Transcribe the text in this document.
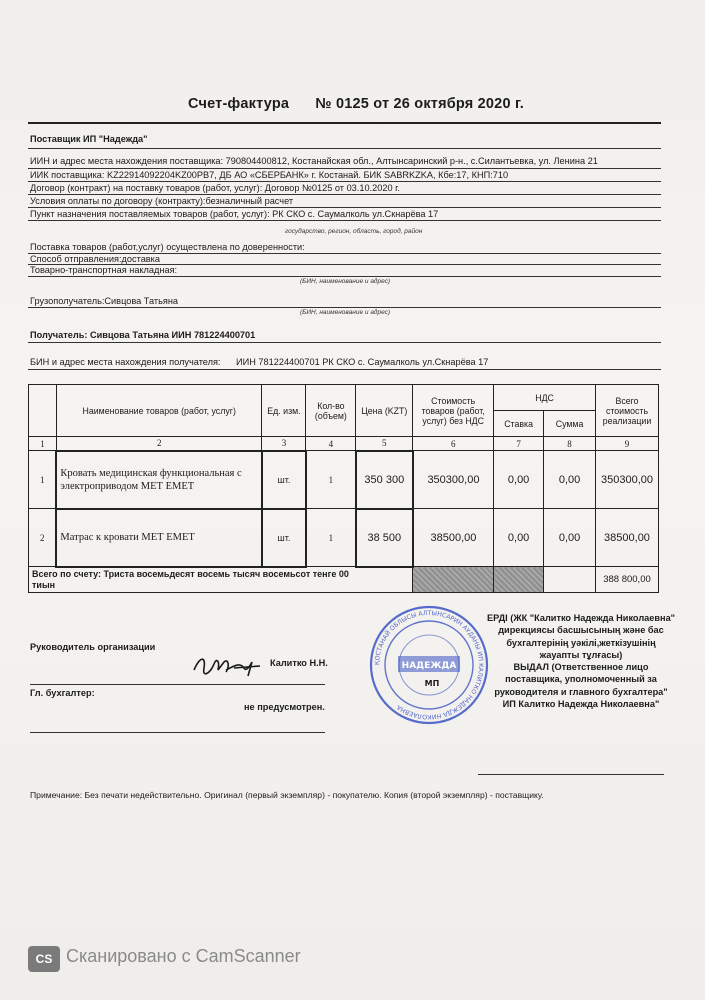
Счет-фактура № 0125 от 26 октября 2020 г.
Поставщик ИП "Надежда"
ИИН и адрес места нахождения поставщика: 790804400812, Костанайская обл., Алтынсаринский р-н., с.Силантьевка, ул. Ленина 21
ИИК поставщика: KZ22914092204KZ00PB7, ДБ АО «СБЕРБАНК» г. Костанай. БИК SABRKZKA, Кбе:17, КНП:710
Договор (контракт) на поставку товаров (работ, услуг): Договор №0125 от 03.10.2020 г.
Условия оплаты по договору (контракту):безналичный расчет
Пункт назначения поставляемых товаров (работ, услуг): РК СКО с. Саумалколь ул.Скнарёва 17
государство, регион, область, город, район
Поставка товаров (работ,услуг) осуществлена по доверенности:
Способ отправления:доставка
Товарно-транспортная накладная:
(БИН, наименование и адрес)
Грузополучатель:Сивцова Татьяна
(БИН, наименование и адрес)
Получатель: Сивцова Татьяна ИИН 781224400701
БИН и адрес места нахождения получателя: ИИН 781224400701 РК СКО с. Саумалколь ул.Скнарёва 17
	Наименование товаров (работ, услуг)	Ед. изм.	Кол-во (объем)	Цена (KZT)	Стоимость товаров (работ, услуг) без НДС	НДС		Всего стоимость реализации
						Ставка	Сумма	
1	2	3	4	5	6	7	8	9
1	Кровать медицинская функциональная с электроприводом МЕТ ЕМЕТ	шт.	1	350 300	350300,00	0,00	0,00	350300,00
2	Матрас к кровати МЕТ ЕМЕТ	шт.	1	38 500	38500,00	0,00	0,00	38500,00

Всего по счету: Триста восемьдесят восемь тысяч восемьсот тенге 00
тиын								388 800,00
Руководитель организации
Калитко Н.Н.
Гл. бухгалтер:
не предусмотрен.
ҚОСТАНАЙ ОБЛЫСЫ АЛТЫНСАРИН АУДАНЫ ИП КАЛИТКО НАДЕЖДА НИКОЛАЕВНА
НАДЕЖДА
МП
ЕРДІ (ЖК "Калитко Надежда Николаевна" дирекциясы басшысының және бас бухгалтерінің уәкілі,жеткізушінің жауапты тұлғасы)
ВЫДАЛ (Ответственное лицо поставщика, уполномоченный за руководителя и главного бухгалтера"
ИП Калитко Надежда Николаевна"
Примечание: Без печати недействительно. Оригинал (первый экземпляр) - покупателю. Копия (второй экземпляр) - поставщику.
CS Сканировано с CamScanner
